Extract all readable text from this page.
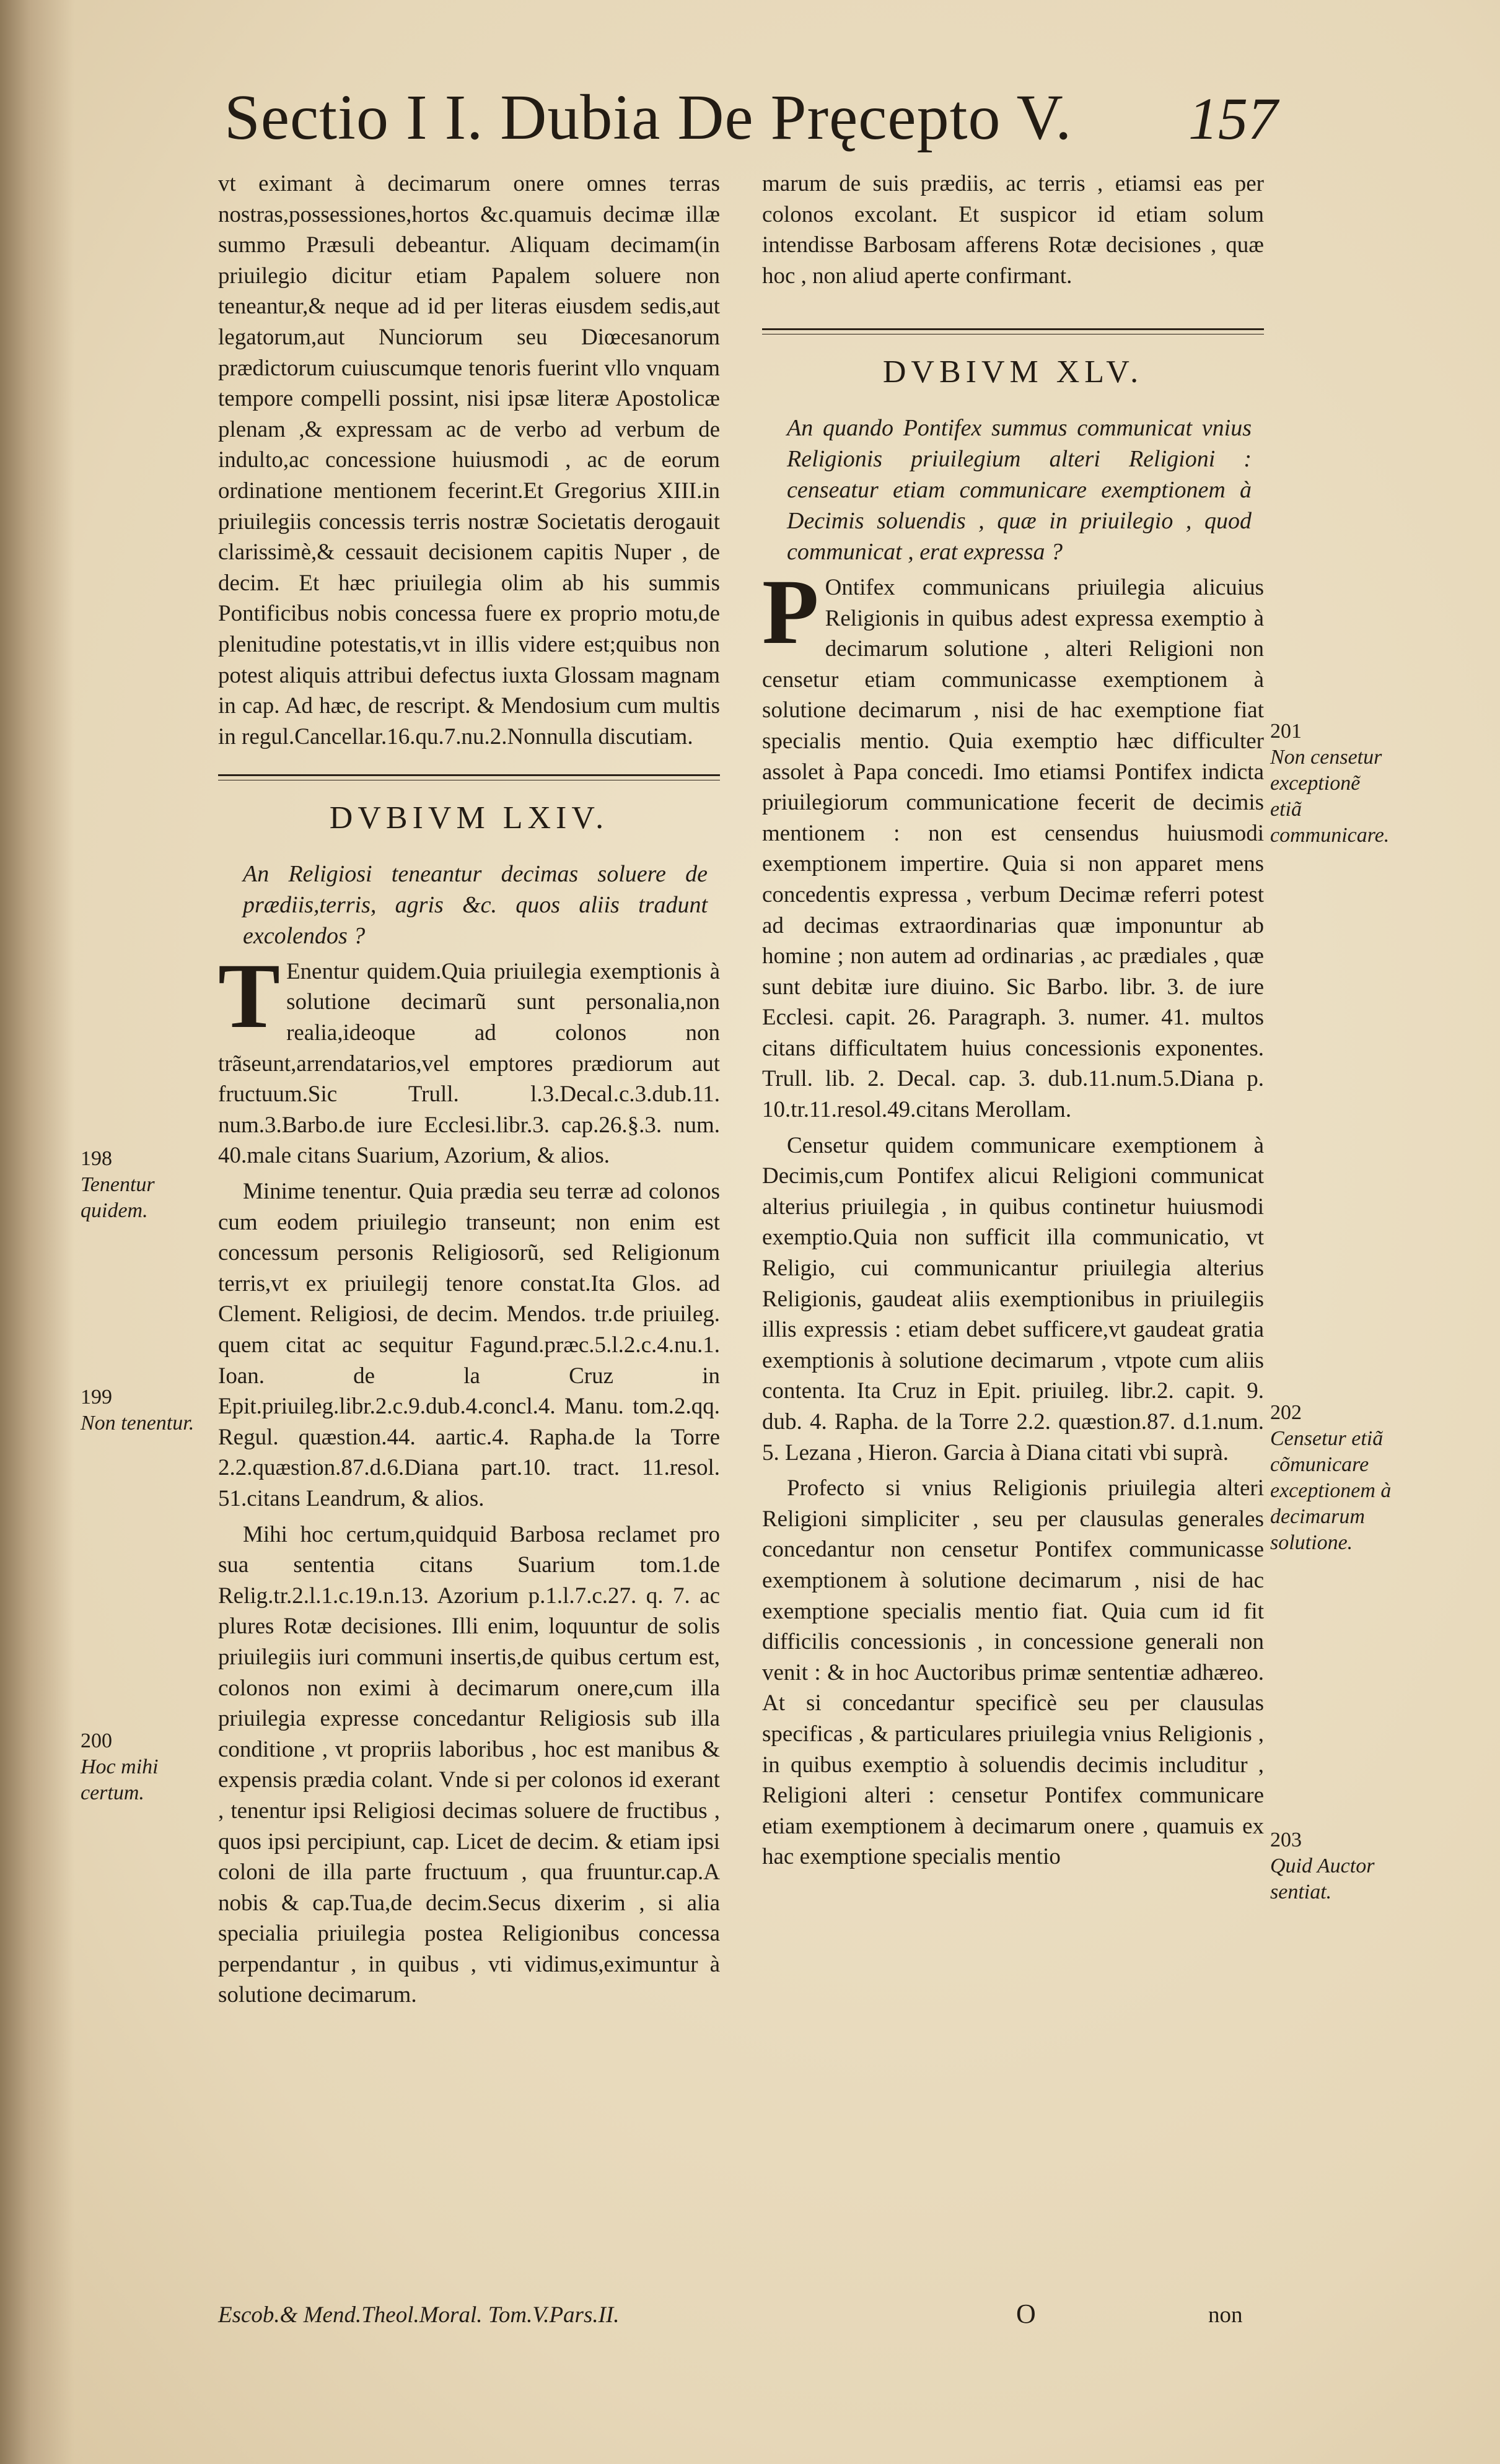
Sectio I I. Dubia De Pręcepto V. 157

vt eximant à decimarum onere omnes terras nostras,possessiones,hortos &c.quamuis decimæ illæ summo Præsuli debeantur. Aliquam decimam(in priuilegio dicitur etiam Papalem soluere non teneantur,& neque ad id per literas eiusdem sedis,aut legatorum,aut Nunciorum seu Diœcesanorum prædictorum cuiuscumque tenoris fuerint vllo vnquam tempore compelli possint, nisi ipsæ literæ Apostolicæ plenam ,& expressam ac de verbo ad verbum de indulto,ac concessione huiusmodi , ac de eorum ordinatione mentionem fecerint.Et Gregorius XIII.in priuilegiis concessis terris nostræ Societatis derogauit clarissimè,& cessauit decisionem capitis Nuper , de decim. Et hæc priuilegia olim ab his summis Pontificibus nobis concessa fuere ex proprio motu,de plenitudine potestatis,vt in illis videre est;quibus non potest aliquis attribui defectus iuxta Glossam magnam in cap. Ad hæc, de rescript. & Mendosium cum multis in regul.Cancellar.16.qu.7.nu.2.Nonnulla discutiam.

DVBIVM LXIV.

An Religiosi teneantur decimas soluere de prædiis,terris, agris &c. quos aliis tradunt excolendos ?

T Enentur quidem.Quia priuilegia exemptionis à solutione decimarũ sunt personalia,non realia,ideoque ad colonos non trãseunt,arrendatarios,vel emptores prædiorum aut fructuum.Sic Trull. l.3.Decal.c.3.dub.11. num.3.Barbo.de iure Ecclesi.libr.3. cap.26.§.3. num. 40.male citans Suarium, Azorium, & alios.

Minime tenentur. Quia prædia seu terræ ad colonos cum eodem priuilegio transeunt; non enim est concessum personis Religiosorũ, sed Religionum terris,vt ex priuilegij tenore constat.Ita Glos. ad Clement. Religiosi, de decim. Mendos. tr.de priuileg. quem citat ac sequitur Fagund.præc.5.l.2.c.4.nu.1. Ioan. de la Cruz in Epit.priuileg.libr.2.c.9.dub.4.concl.4. Manu. tom.2.qq. Regul. quæstion.44. aartic.4. Rapha.de la Torre 2.2.quæstion.87.d.6.Diana part.10. tract. 11.resol. 51.citans Leandrum, & alios.

Mihi hoc certum,quidquid Barbosa reclamet pro sua sententia citans Suarium tom.1.de Relig.tr.2.l.1.c.19.n.13. Azorium p.1.l.7.c.27. q. 7. ac plures Rotæ decisiones. Illi enim, loquuntur de solis priuilegiis iuri communi insertis,de quibus certum est, colonos non eximi à decimarum onere,cum illa priuilegia expresse concedantur Religiosis sub illa conditione , vt propriis laboribus , hoc est manibus & expensis prædia colant. Vnde si per colonos id exerant , tenentur ipsi Religiosi decimas soluere de fructibus , quos ipsi percipiunt, cap. Licet de decim. & etiam ipsi coloni de illa parte fructuum , qua fruuntur.cap.A nobis & cap.Tua,de decim.Secus dixerim , si alia specialia priuilegia postea Religionibus concessa perpendantur , in quibus , vti vidimus,eximuntur à solutione decimarum.

marum de suis prædiis, ac terris , etiamsi eas per colonos excolant. Et suspicor id etiam solum intendisse Barbosam afferens Rotæ decisiones , quæ hoc , non aliud aperte confirmant.

DVBIVM XLV.

An quando Pontifex summus communicat vnius Religionis priuilegium alteri Religioni : censeatur etiam communicare exemptionem à Decimis soluendis , quæ in priuilegio , quod communicat , erat expressa ?

P Ontifex communicans priuilegia alicuius Religionis in quibus adest expressa exemptio à decimarum solutione , alteri Religioni non censetur etiam communicasse exemptionem à solutione decimarum , nisi de hac exemptione fiat specialis mentio. Quia exemptio hæc difficulter assolet à Papa concedi. Imo etiamsi Pontifex indicta priuilegiorum communicatione fecerit de decimis mentionem : non est censendus huiusmodi exemptionem impertire. Quia si non apparet mens concedentis expressa , verbum Decimæ referri potest ad decimas extraordinarias quæ imponuntur ab homine ; non autem ad ordinarias , ac prædiales , quæ sunt debitæ iure diuino. Sic Barbo. libr. 3. de iure Ecclesi. capit. 26. Paragraph. 3. numer. 41. multos citans difficultatem huius concessionis exponentes. Trull. lib. 2. Decal. cap. 3. dub.11.num.5.Diana p. 10.tr.11.resol.49.citans Merollam.

Censetur quidem communicare exemptionem à Decimis,cum Pontifex alicui Religioni communicat alterius priuilegia , in quibus continetur huiusmodi exemptio.Quia non sufficit illa communicatio, vt Religio, cui communicantur priuilegia alterius Religionis, gaudeat aliis exemptionibus in priuilegiis illis expressis : etiam debet sufficere,vt gaudeat gratia exemptionis à solutione decimarum , vtpote cum aliis contenta. Ita Cruz in Epit. priuileg. libr.2. capit. 9. dub. 4. Rapha. de la Torre 2.2. quæstion.87. d.1.num. 5. Lezana , Hieron. Garcia à Diana citati vbi suprà.

Profecto si vnius Religionis priuilegia alteri Religioni simpliciter , seu per clausulas generales concedantur non censetur Pontifex communicasse exemptionem à solutione decimarum , nisi de hac exemptione specialis mentio fiat. Quia cum id fit difficilis concessionis , in concessione generali non venit : & in hoc Auctoribus primæ sententiæ adhæreo. At si concedantur specificè seu per clausulas specificas , & particulares priuilegia vnius Religionis , in quibus exemptio à soluendis decimis includitur , Religioni alteri : censetur Pontifex communicare etiam exemptionem à decimarum onere , quamuis ex hac exemptione specialis mentio

198
Tenentur quidem.
199
Non tenentur.
200
Hoc mihi certum.
201
Non censetur exceptionẽ etiã communicare.
202
Censetur etiã cõmunicare exceptionem à decimarum solutione.
203
Quid Auctor sentiat.
Escob.& Mend.Theol.Moral. Tom.V.Pars.II.	O	non
